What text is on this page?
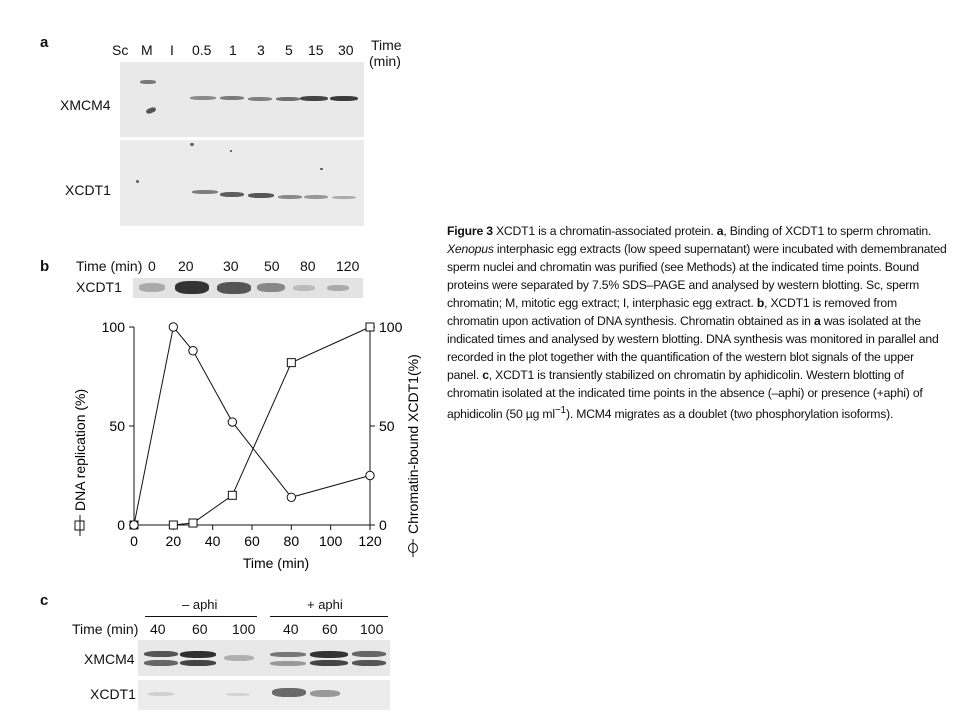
a	Sc M I 0.5 1 3 5 15 30 Time
(min)
XMCM4
XCDT1
b Time (min) 0 20 30 50 80 120
XCDT1
0 20 40 60 80 100 120
0	0
50	50
100	100
Time (min)
DNA replication (%)	Chromatin-bound XCDT1(%)
c	– aphi	+ aphi
Time (min) 40 60 100 40 60 100
XMCM4
XCDT1
Figure 3 XCDT1 is a chromatin-associated protein. a, Binding of XCDT1 to sperm chromatin. Xenopus interphasic egg extracts (low speed supernatant) were incubated with demembranated sperm nuclei and chromatin was purified (see Methods) at the indicated time points. Bound proteins were separated by 7.5% SDS–PAGE and analysed by western blotting. Sc, sperm chromatin; M, mitotic egg extract; I, interphasic egg extract. b, XCDT1 is removed from chromatin upon activation of DNA synthesis. Chromatin obtained as in a was isolated at the indicated times and analysed by western blotting. DNA synthesis was monitored in parallel and recorded in the plot together with the quantification of the western blot signals of the upper panel. c, XCDT1 is transiently stabilized on chromatin by aphidicolin. Western blotting of chromatin isolated at the indicated time points in the absence (–aphi) or presence (+aphi) of aphidicolin (50 µg $ml^{-1}$). MCM4 migrates as a doublet (two phosphorylation isoforms).
